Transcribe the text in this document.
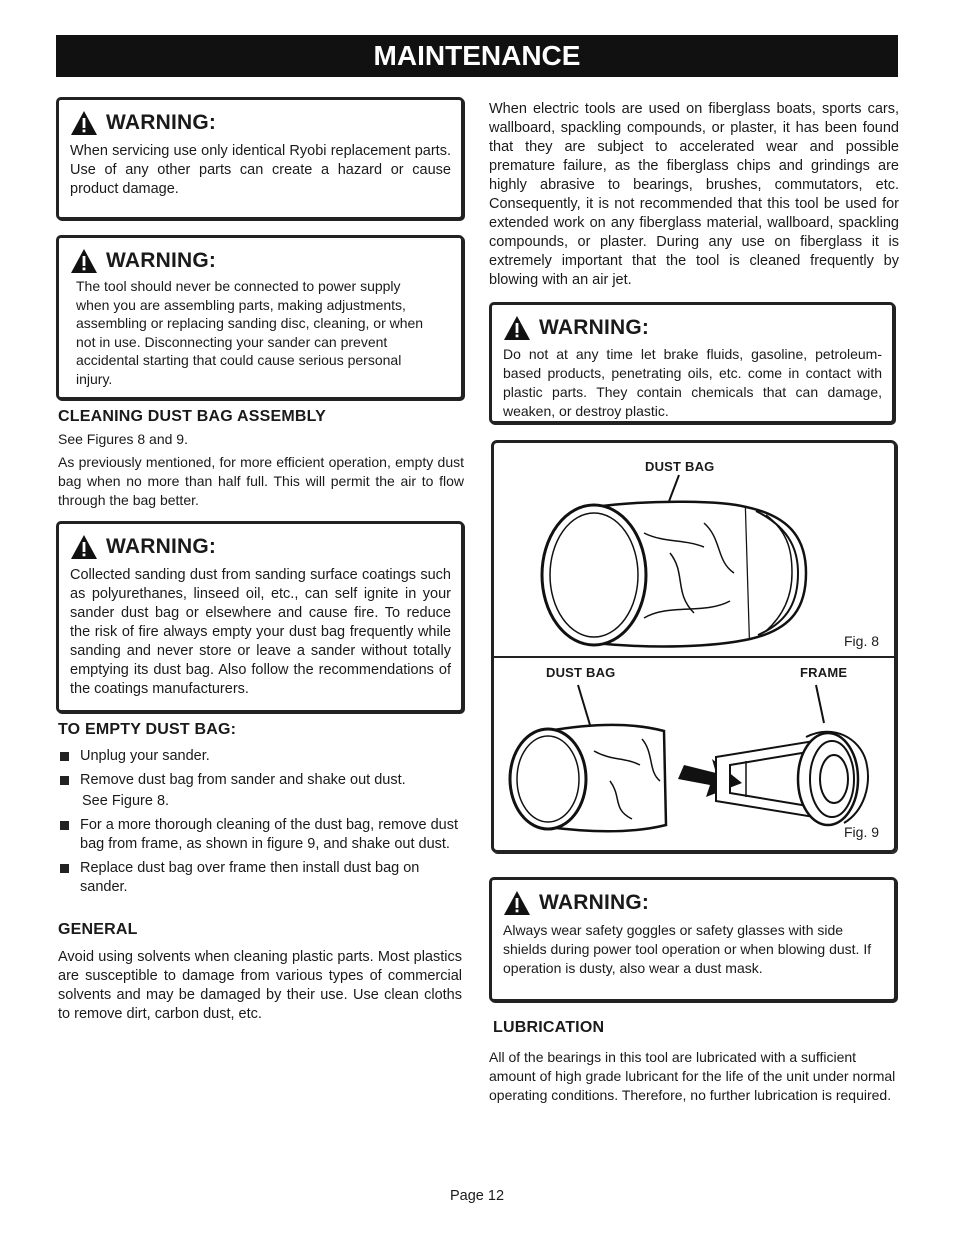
MAINTENANCE
WARNING:
When servicing use only identical Ryobi replacement parts. Use of any other parts can create a hazard or cause product damage.
WARNING:
The tool should never be connected to power supply when you are assembling parts, making adjustments, assembling or replacing sanding disc, cleaning, or when not in use. Disconnecting your sander can prevent accidental starting that could cause serious personal injury.
CLEANING DUST BAG ASSEMBLY
See Figures 8 and 9.
As previously mentioned, for more efficient operation, empty dust bag when no more than half full. This will permit the air to flow through the bag better.
WARNING:
Collected sanding dust from sanding surface coatings such as polyurethanes, linseed oil, etc., can self ignite in your sander dust bag or elsewhere and cause fire. To reduce the risk of fire always empty your dust bag frequently while sanding and never store or leave a sander without totally emptying its dust bag. Also follow the recommendations of the coatings manufacturers.
TO EMPTY DUST BAG:
Unplug your sander.
Remove dust bag from sander and shake out dust.
See Figure 8.
For a more thorough cleaning of the dust bag, remove dust bag from frame, as shown in figure 9, and shake out dust.
Replace dust bag over frame then install dust bag on sander.
GENERAL
Avoid using solvents when cleaning plastic parts. Most plastics are susceptible to damage from various types of commercial solvents and may be damaged by their use. Use clean cloths to remove dirt, carbon dust, etc.
When electric tools are used on fiberglass boats, sports cars, wallboard, spackling compounds, or plaster, it has been found that they are subject to accelerated wear and possible premature failure, as the fiberglass chips and grindings are highly abrasive to bearings, brushes, commutators, etc. Consequently, it is not recommended that this tool be used for extended work on any fiberglass material, wallboard, spackling compounds, or plaster. During any use on fiberglass it is extremely important that the tool is cleaned frequently by blowing with an air jet.
WARNING:
Do not at any time let brake fluids, gasoline, petroleum-based products, penetrating oils, etc. come in contact with plastic parts. They contain chemicals that can damage, weaken, or destroy plastic.
DUST BAG
Fig. 8
DUST BAG	FRAME
Fig. 9
WARNING:
Always wear safety goggles or safety glasses with side shields during power tool operation or when blowing dust. If operation is dusty, also wear a dust mask.
LUBRICATION
All of the bearings in this tool are lubricated with a sufficient amount of high grade lubricant for the life of the unit under normal operating conditions. Therefore, no further lubrication is required.
Page 12
